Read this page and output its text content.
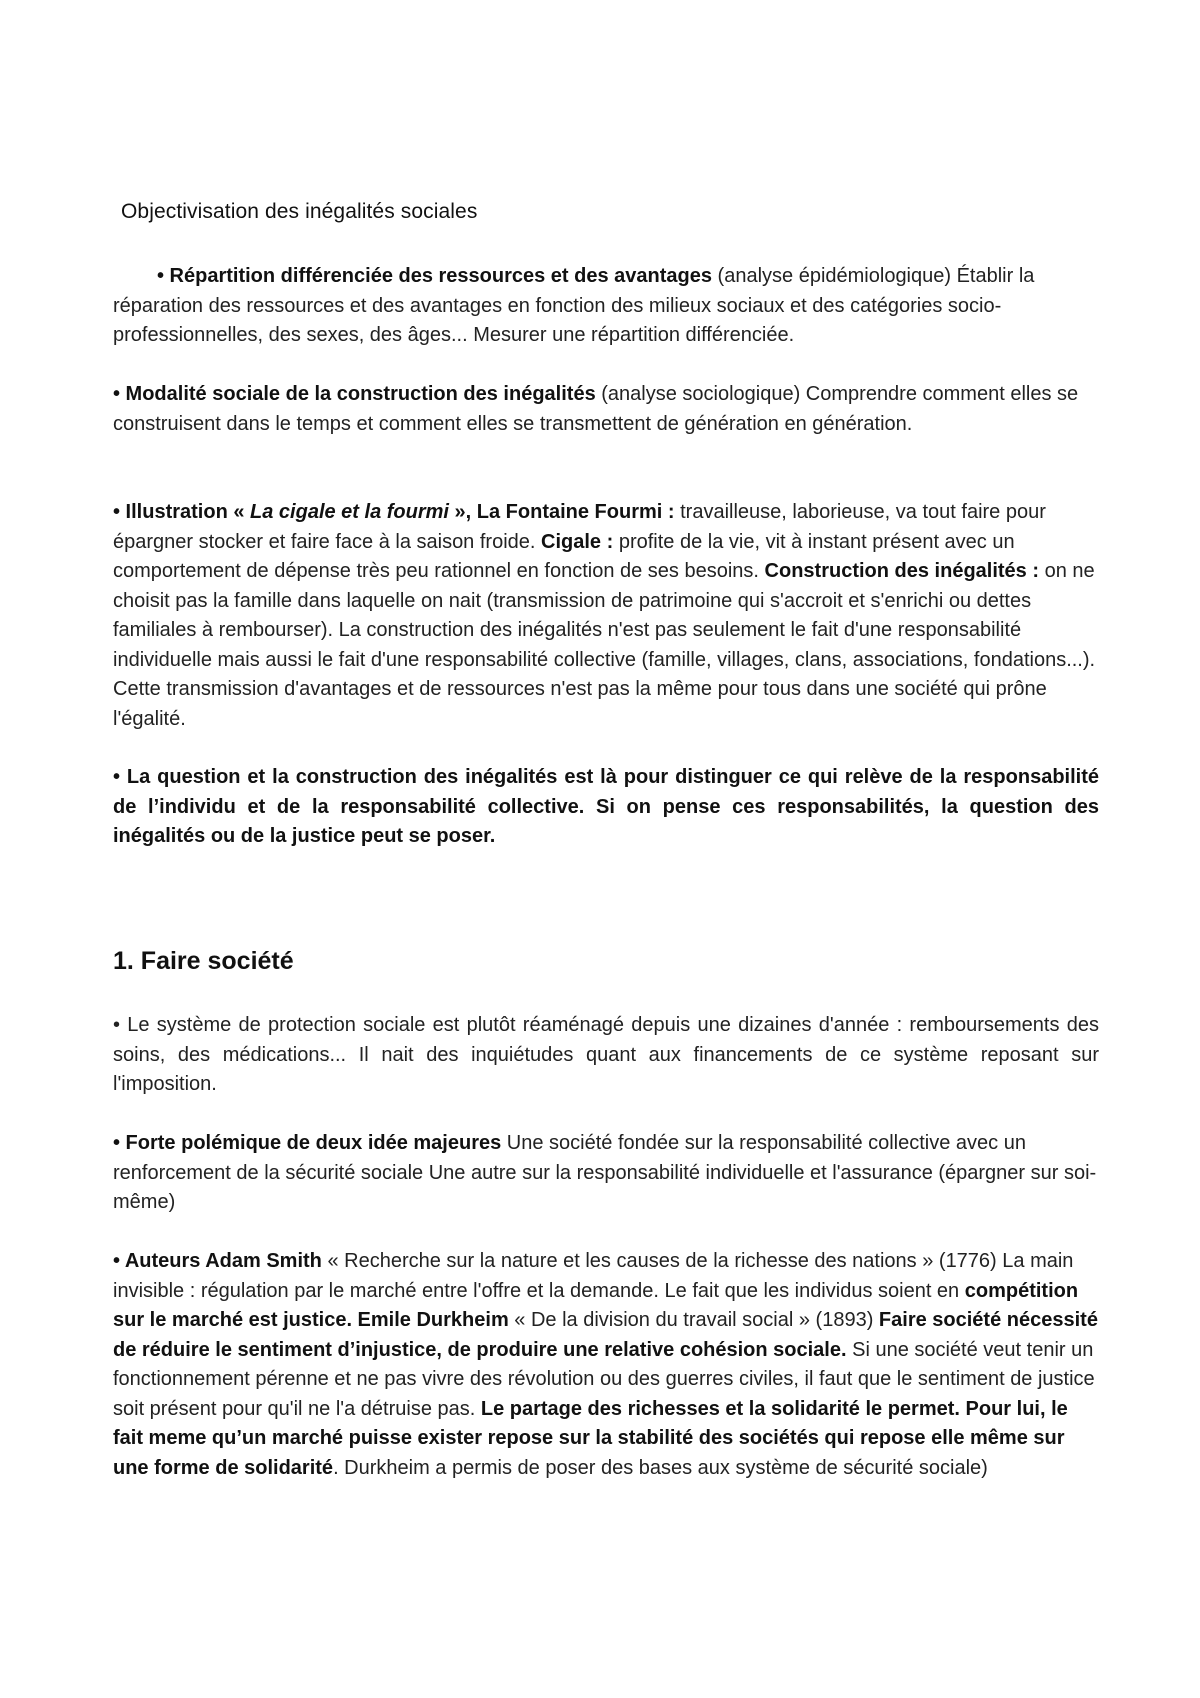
Objectivisation des inégalités sociales
• Répartition différenciée des ressources et des avantages (analyse épidémiologique) Établir la réparation des ressources et des avantages en fonction des milieux sociaux et des catégories socio-professionnelles, des sexes, des âges... Mesurer une répartition différenciée.
• Modalité sociale de la construction des inégalités (analyse sociologique) Comprendre comment elles se construisent dans le temps et comment elles se transmettent de génération en génération.
• Illustration « La cigale et la fourmi », La Fontaine Fourmi : travailleuse, laborieuse, va tout faire pour épargner stocker et faire face à la saison froide. Cigale : profite de la vie, vit à instant présent avec un comportement de dépense très peu rationnel en fonction de ses besoins. Construction des inégalités : on ne choisit pas la famille dans laquelle on nait (transmission de patrimoine qui s'accroit et s'enrichi ou dettes familiales à rembourser). La construction des inégalités n'est pas seulement le fait d'une responsabilité individuelle mais aussi le fait d'une responsabilité collective (famille, villages, clans, associations, fondations...). Cette transmission d'avantages et de ressources n'est pas la même pour tous dans une société qui prône l'égalité.
• La question et la construction des inégalités est là pour distinguer ce qui relève de la responsabilité de l’individu et de la responsabilité collective. Si on pense ces responsabilités, la question des inégalités ou de la justice peut se poser.
1. Faire société
• Le système de protection sociale est plutôt réaménagé depuis une dizaines d'année : remboursements des soins, des médications... Il nait des inquiétudes quant aux financements de ce système reposant sur l'imposition.
• Forte polémique de deux idée majeures Une société fondée sur la responsabilité collective avec un renforcement de la sécurité sociale Une autre sur la responsabilité individuelle et l'assurance (épargner sur soi-même)
• Auteurs Adam Smith « Recherche sur la nature et les causes de la richesse des nations » (1776) La main invisible : régulation par le marché entre l'offre et la demande. Le fait que les individus soient en compétition sur le marché est justice. Emile Durkheim « De la division du travail social » (1893) Faire société nécessité de réduire le sentiment d’injustice, de produire une relative cohésion sociale. Si une société veut tenir un fonctionnement pérenne et ne pas vivre des révolution ou des guerres civiles, il faut que le sentiment de justice soit présent pour qu'il ne l'a détruise pas. Le partage des richesses et la solidarité le permet. Pour lui, le fait meme qu’un marché puisse exister repose sur la stabilité des sociétés qui repose elle même sur une forme de solidarité. Durkheim a permis de poser des bases aux système de sécurité sociale)
